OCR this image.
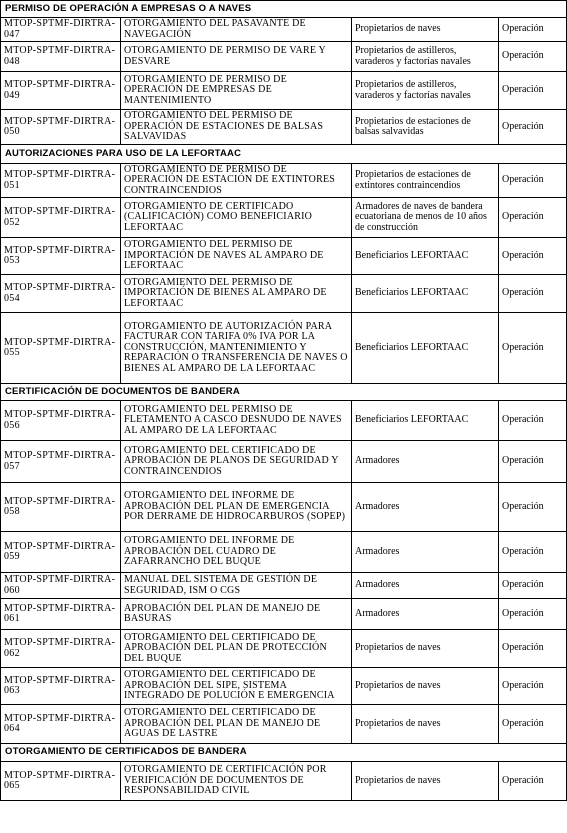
PERMISO DE OPERACIÓN A EMPRESAS O A NAVES			
MTOP-SPTMF-DIRTRA-047	OTORGAMIENTO DEL PASAVANTE DE NAVEGACIÓN	Propietarios de naves	Operación
MTOP-SPTMF-DIRTRA-048	OTORGAMIENTO DE PERMISO DE VARE Y DESVARE	Propietarios de astilleros, varaderos y factorías navales	Operación
MTOP-SPTMF-DIRTRA-049	OTORGAMIENTO DE PERMISO DE OPERACIÓN DE EMPRESAS DE MANTENIMIENTO	Propietarios de astilleros, varaderos y factorías navales	Operación
MTOP-SPTMF-DIRTRA-050	OTORGAMIENTO DEL PERMISO DE OPERACIÓN DE ESTACIONES DE BALSAS SALVAVIDAS	Propietarios de estaciones de balsas salvavidas	Operación
AUTORIZACIONES PARA USO DE LA LEFORTAAC			
MTOP-SPTMF-DIRTRA-051	OTORGAMIENTO DE PERMISO DE OPERACIÓN DE ESTACIÓN DE EXTINTORES CONTRAINCENDIOS	Propietarios de estaciones de extintores contraincendios	Operación
MTOP-SPTMF-DIRTRA-052	OTORGAMIENTO DE CERTIFICADO (CALIFICACIÓN) COMO BENEFICIARIO LEFORTAAC	Armadores de naves de bandera ecuatoriana de menos de 10 años de construcción	Operación
MTOP-SPTMF-DIRTRA-053	OTORGAMIENTO DEL PERMISO DE IMPORTACIÓN DE NAVES AL AMPARO DE LEFORTAAC	Beneficiarios LEFORTAAC	Operación
MTOP-SPTMF-DIRTRA-054	OTORGAMIENTO DEL PERMISO DE IMPORTACIÓN DE BIENES AL AMPARO DE LEFORTAAC	Beneficiarios LEFORTAAC	Operación
MTOP-SPTMF-DIRTRA-055	OTORGAMIENTO DE AUTORIZACIÓN PARA FACTURAR CON TARIFA 0% IVA POR LA CONSTRUCCIÓN, MANTENIMIENTO Y REPARACIÓN O TRANSFERENCIA DE NAVES O BIENES AL AMPARO DE LA LEFORTAAC	Beneficiarios LEFORTAAC	Operación
CERTIFICACIÓN DE DOCUMENTOS DE BANDERA			
MTOP-SPTMF-DIRTRA-056	OTORGAMIENTO DEL PERMISO DE FLETAMENTO A CASCO DESNUDO DE NAVES AL AMPARO DE LA LEFORTAAC	Beneficiarios LEFORTAAC	Operación
MTOP-SPTMF-DIRTRA-057	OTORGAMIENTO DEL CERTIFICADO DE APROBACIÓN DE PLANOS DE SEGURIDAD Y CONTRAINCENDIOS	Armadores	Operación
MTOP-SPTMF-DIRTRA-058	OTORGAMIENTO DEL INFORME DE APROBACIÓN DEL PLAN DE EMERGENCIA POR DERRAME DE HIDROCARBUROS (SOPEP)	Armadores	Operación
MTOP-SPTMF-DIRTRA-059	OTORGAMIENTO DEL INFORME DE APROBACIÓN DEL CUADRO DE ZAFARRANCHO DEL BUQUE	Armadores	Operación
MTOP-SPTMF-DIRTRA-060	MANUAL DEL SISTEMA DE GESTIÓN DE SEGURIDAD, ISM O CGS	Armadores	Operación
MTOP-SPTMF-DIRTRA-061	APROBACIÓN DEL PLAN DE MANEJO DE BASURAS	Armadores	Operación
MTOP-SPTMF-DIRTRA-062	OTORGAMIENTO DEL CERTIFICADO DE APROBACIÓN DEL PLAN DE PROTECCIÓN DEL BUQUE	Propietarios de naves	Operación
MTOP-SPTMF-DIRTRA-063	OTORGAMIENTO DEL CERTIFICADO DE APROBACIÓN DEL SIPE, SISTEMA INTEGRADO DE POLUCIÓN E EMERGENCIA	Propietarios de naves	Operación
MTOP-SPTMF-DIRTRA-064	OTORGAMIENTO DEL CERTIFICADO DE APROBACIÓN DEL PLAN DE MANEJO DE AGUAS DE LASTRE	Propietarios de naves	Operación
OTORGAMIENTO DE CERTIFICADOS DE BANDERA			
MTOP-SPTMF-DIRTRA-065	OTORGAMIENTO DE CERTIFICACIÓN POR VERIFICACIÓN DE DOCUMENTOS DE RESPONSABILIDAD CIVIL	Propietarios de naves	Operación
